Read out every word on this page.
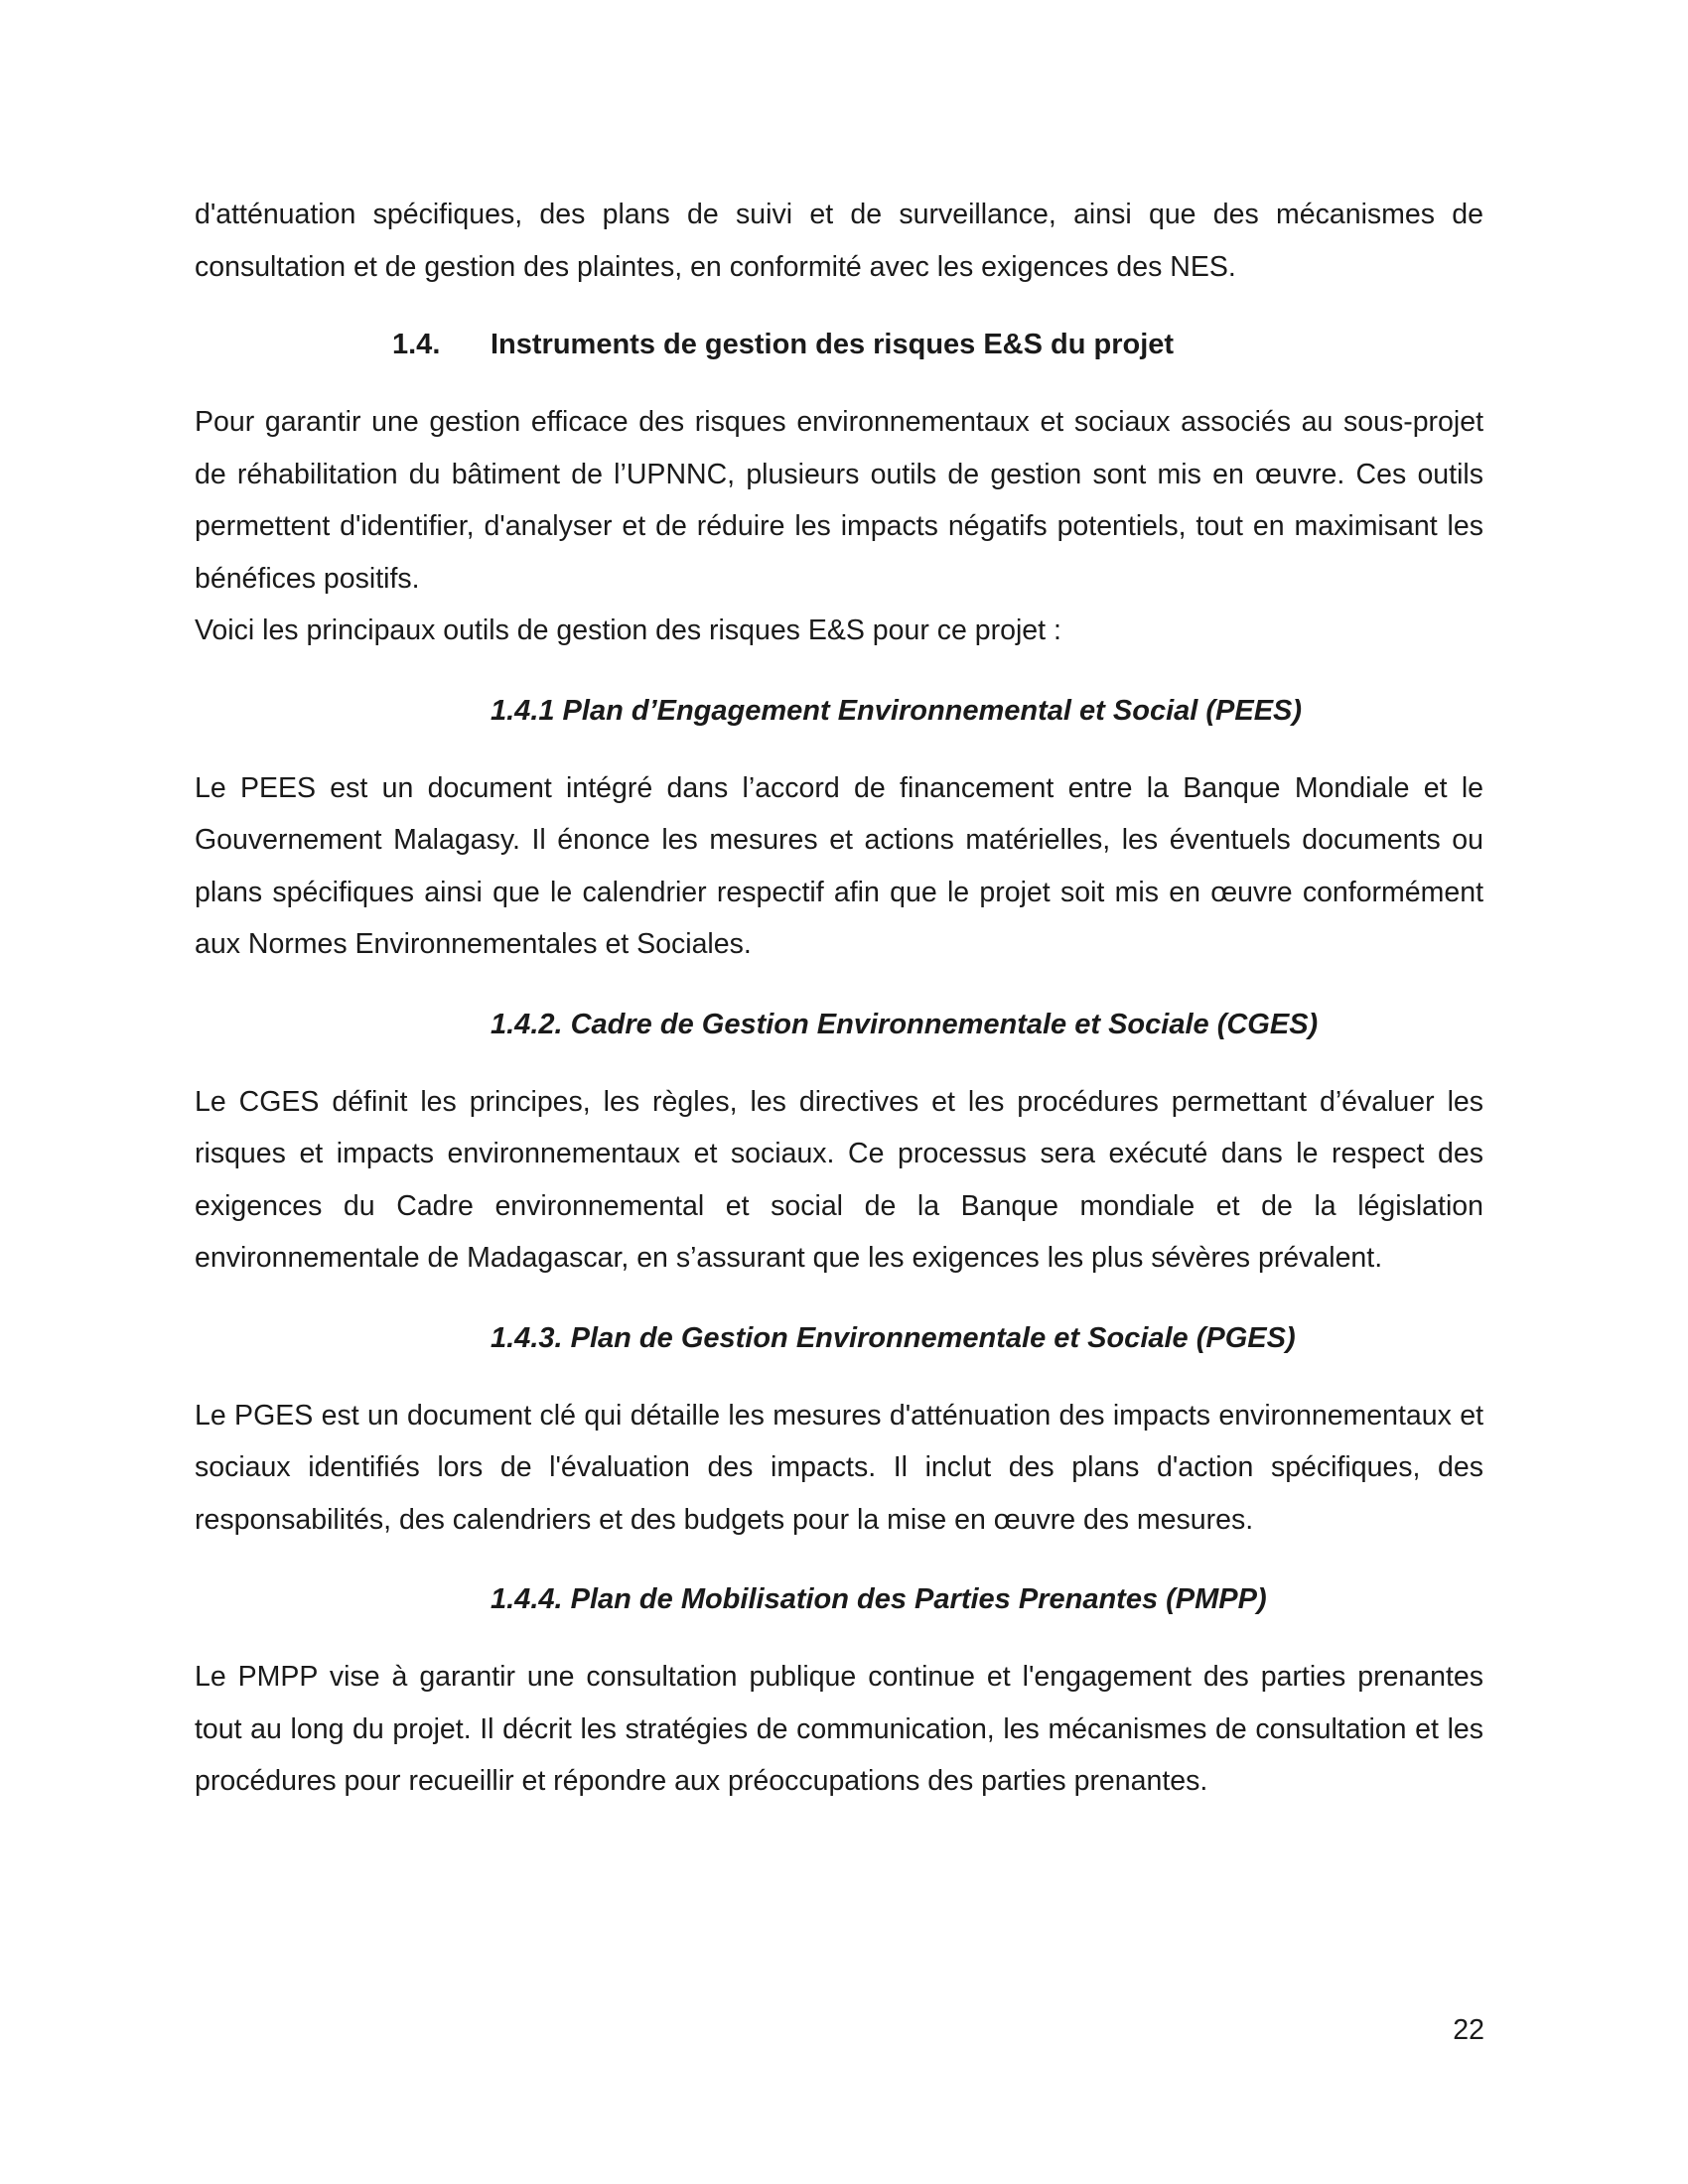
d'atténuation spécifiques, des plans de suivi et de surveillance, ainsi que des mécanismes de consultation et de gestion des plaintes, en conformité avec les exigences des NES.

1.4.	Instruments de gestion des risques E&S du projet

Pour garantir une gestion efficace des risques environnementaux et sociaux associés au sous-projet de réhabilitation du bâtiment de l’UPNNC, plusieurs outils de gestion sont mis en œuvre. Ces outils permettent d'identifier, d'analyser et de réduire les impacts négatifs potentiels, tout en maximisant les bénéfices positifs.

Voici les principaux outils de gestion des risques E&S pour ce projet :

1.4.1 Plan d’Engagement Environnemental et Social (PEES)

Le PEES est un document intégré dans l’accord de financement entre la Banque Mondiale et le Gouvernement Malagasy. Il énonce les mesures et actions matérielles, les éventuels documents ou plans spécifiques ainsi que le calendrier respectif afin que le projet soit mis en œuvre conformément aux Normes Environnementales et Sociales.

1.4.2. Cadre de Gestion Environnementale et Sociale (CGES)

Le CGES définit les principes, les règles, les directives et les procédures permettant d’évaluer les risques et impacts environnementaux et sociaux. Ce processus sera exécuté dans le respect des exigences du Cadre environnemental et social de la Banque mondiale et de la législation environnementale de Madagascar, en s’assurant que les exigences les plus sévères prévalent.

1.4.3. Plan de Gestion Environnementale et Sociale (PGES)

Le PGES est un document clé qui détaille les mesures d'atténuation des impacts environnementaux et sociaux identifiés lors de l'évaluation des impacts. Il inclut des plans d'action spécifiques, des responsabilités, des calendriers et des budgets pour la mise en œuvre des mesures.

1.4.4. Plan de Mobilisation des Parties Prenantes (PMPP)

Le PMPP vise à garantir une consultation publique continue et l'engagement des parties prenantes tout au long du projet. Il décrit les stratégies de communication, les mécanismes de consultation et les procédures pour recueillir et répondre aux préoccupations des parties prenantes.

22
